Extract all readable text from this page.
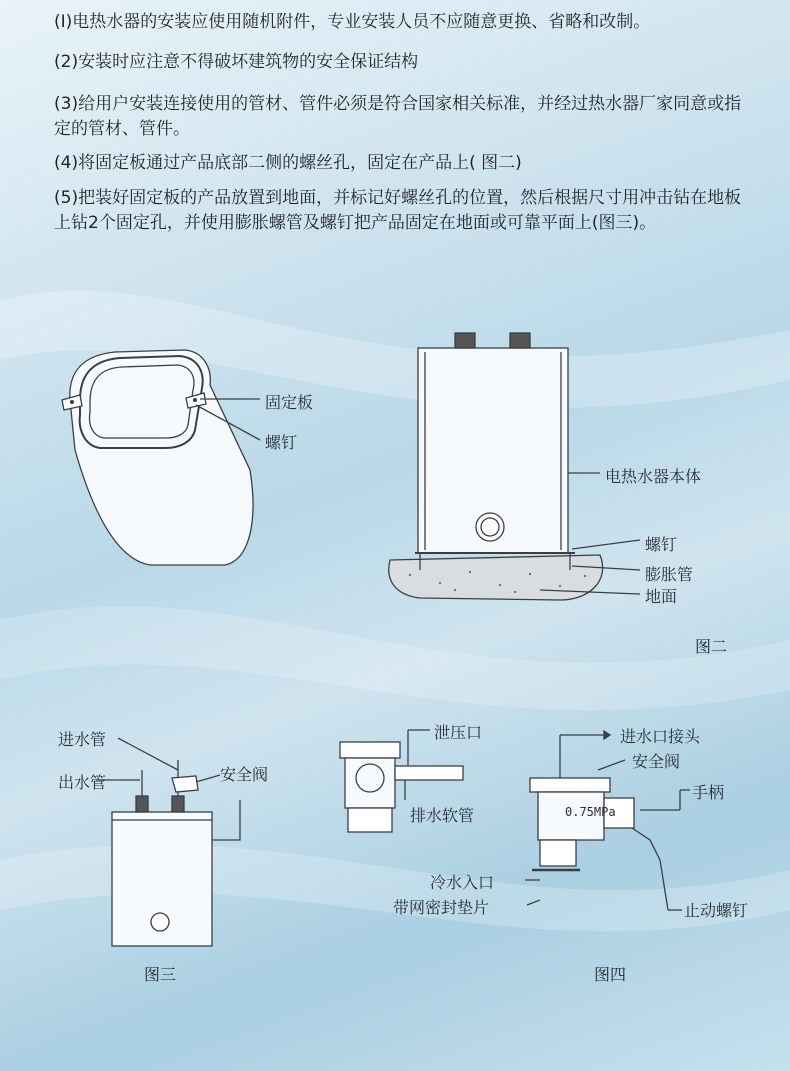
(I)电热水器的安装应使用随机附件，专业安装人员不应随意更换、省略和改制。

(2)安装时应注意不得破坏建筑物的安全保证结构

(3)给用户安装连接使用的管材、管件必须是符合国家相关标准，并经过热水器厂家同意或指定的管材、管件。

(4)将固定板通过产品底部二侧的螺丝孔，固定在产品上( 图二)

(5)把装好固定板的产品放置到地面，并标记好螺丝孔的位置，然后根据尺寸用冲击钻在地板上钻2个固定孔，并使用膨胀螺管及螺钉把产品固定在地面或可靠平面上(图三)。

固定板
螺钉
电热水器本体
螺钉
膨胀管
地面
图二
进水管
出水管	安全阀
图三
泄压口
排水软管
进水口接头
安全阀
手柄
0.75MPa
冷水入口
带网密封垫片	止动螺钉
图四
